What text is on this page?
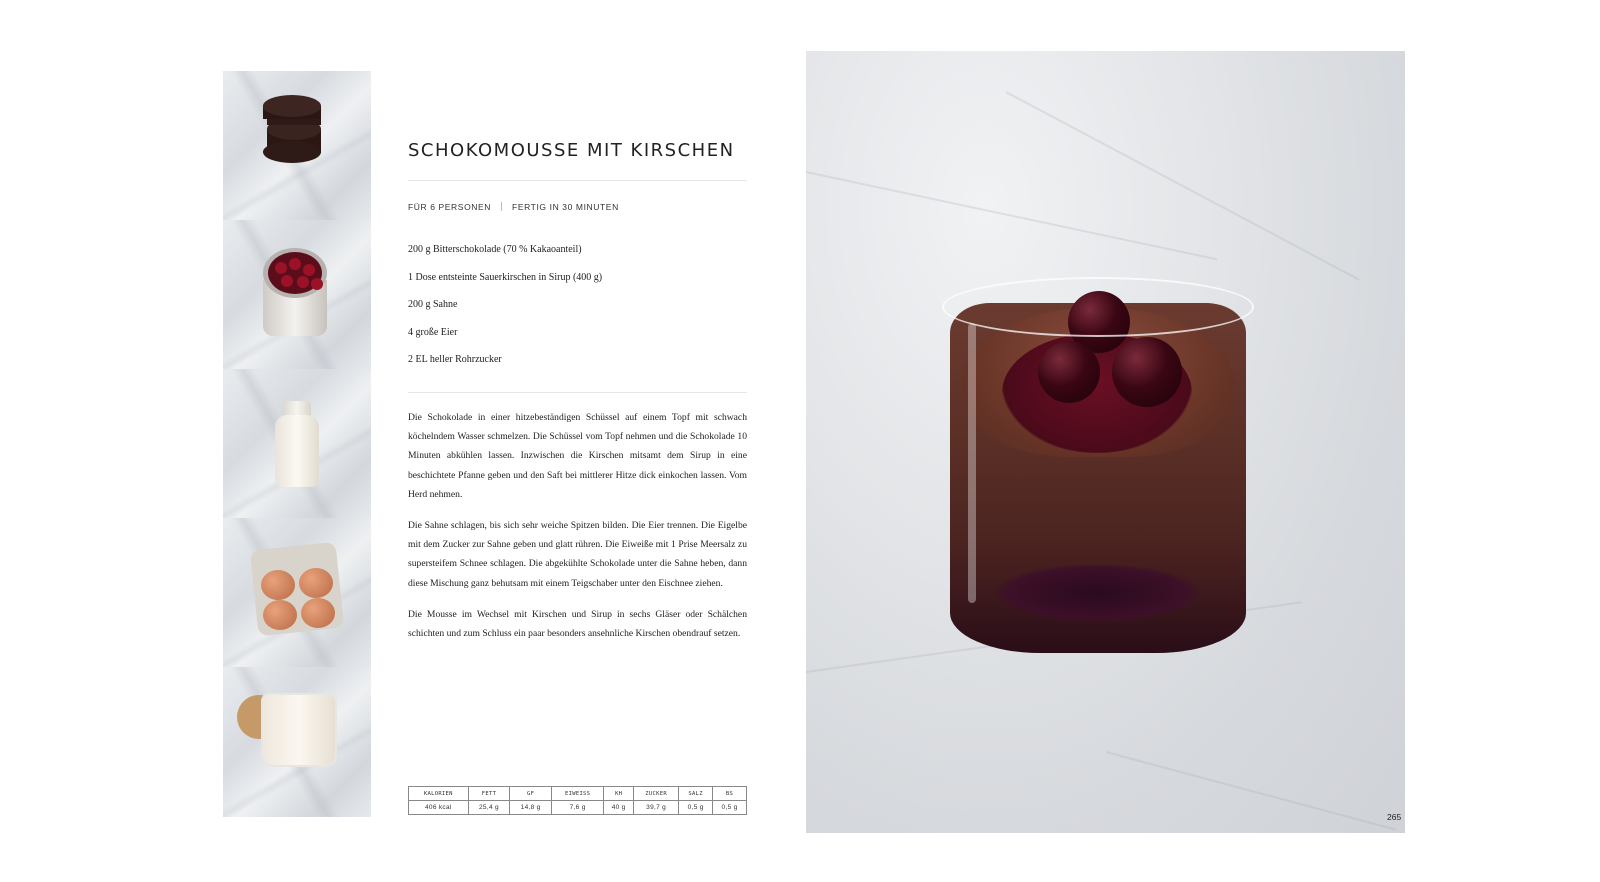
SCHOKOMOUSSE MIT KIRSCHEN
FÜR 6 PERSONEN FERTIG IN 30 MINUTEN
200 g Bitterschokolade (70 % Kakaoanteil)
1 Dose entsteinte Sauerkirschen in Sirup (400 g)
200 g Sahne
4 große Eier
2 EL heller Rohrzucker

Die Schokolade in einer hitzebeständigen Schüssel auf einem Topf mit schwach köchelndem Wasser schmelzen. Die Schüssel vom Topf nehmen und die Schokolade 10 Minuten abkühlen lassen. Inzwischen die Kirschen mitsamt dem Sirup in eine beschichtete Pfanne geben und den Saft bei mittlerer Hitze dick einkochen lassen. Vom Herd nehmen.

Die Sahne schlagen, bis sich sehr weiche Spitzen bilden. Die Eier trennen. Die Eigelbe mit dem Zucker zur Sahne geben und glatt rühren. Die Eiweiße mit 1 Prise Meersalz zu supersteifem Schnee schlagen. Die abgekühlte Schokolade unter die Sahne heben, dann diese Mischung ganz behutsam mit einem Teigschaber unter den Eischnee ziehen.

Die Mousse im Wechsel mit Kirschen und Sirup in sechs Gläser oder Schälchen schichten und zum Schluss ein paar besonders ansehnliche Kirschen obendrauf setzen.

KALORIEN	FETT	GF	EIWEISS	KH	ZUCKER	SALZ	BS
406 kcal	25,4 g	14,8 g	7,6 g	40 g	39,7 g	0,5 g	0,5 g
265
